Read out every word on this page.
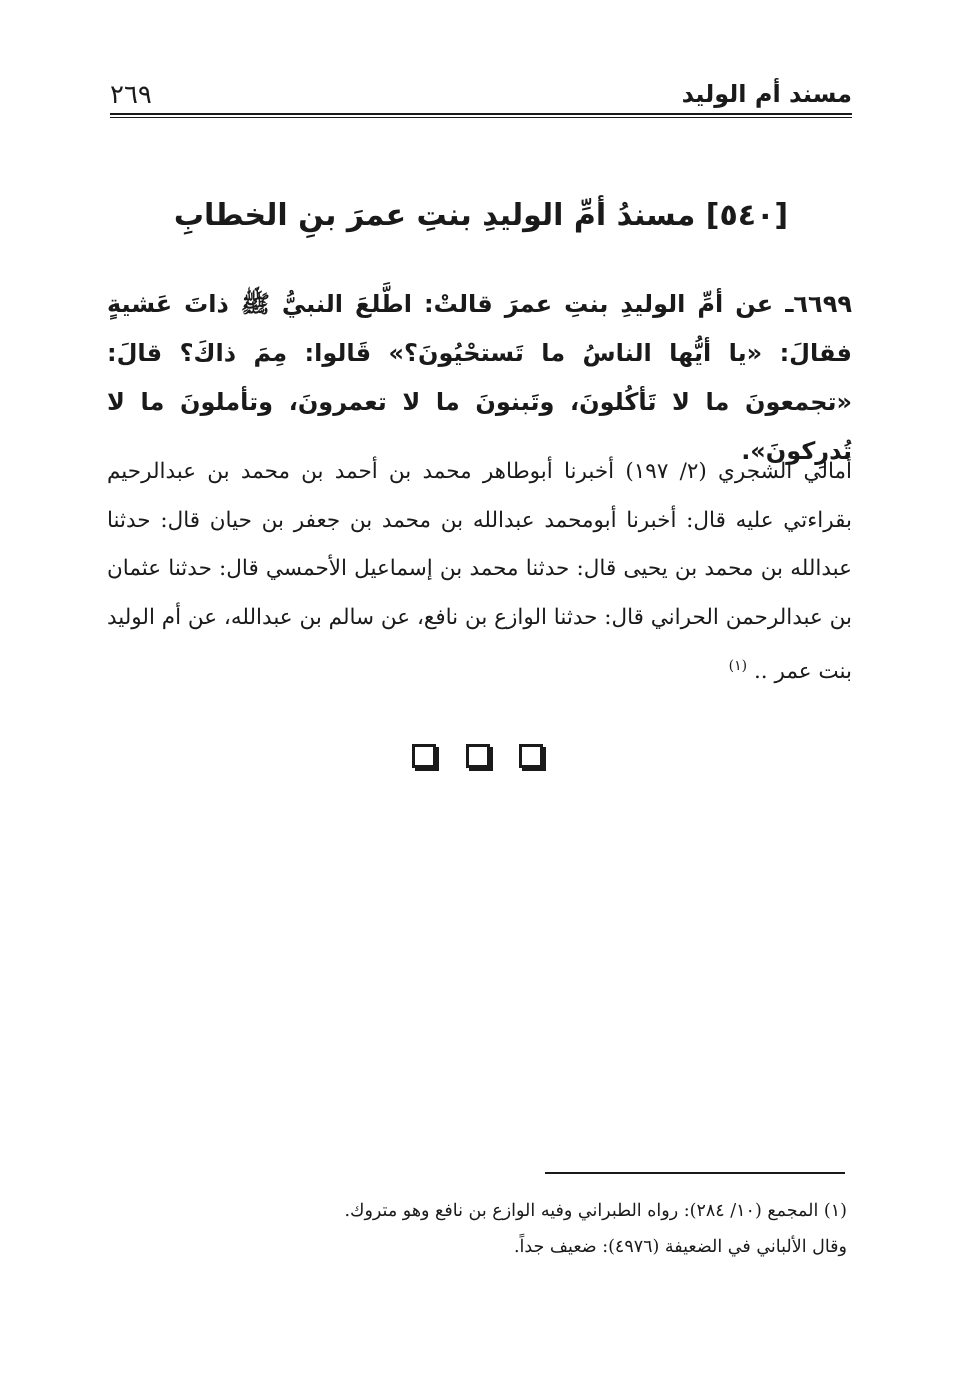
مسند أم الوليد
٢٦٩
[٥٤٠] مسندُ أمِّ الوليدِ بنتِ عمرَ بنِ الخطابِ
٦٦٩٩ـ عن أمِّ الوليدِ بنتِ عمرَ قالتْ: اطَّلعَ النبيُّ ﷺ ذاتَ عَشيةٍ فقالَ: «يا أيُّها الناسُ ما تَستحْيُونَ؟» قَالوا: مِمَ ذاكَ؟ قالَ: «تجمعونَ ما لا تَأكُلونَ، وتَبنونَ ما لا تعمرونَ، وتأملونَ ما لا تُدرِكونَ».
أمالي الشجري (٢/ ١٩٧) أخبرنا أبوطاهر محمد بن أحمد بن محمد بن عبدالرحيم بقراءتي عليه قال: أخبرنا أبومحمد عبدالله بن محمد بن جعفر بن حيان قال: حدثنا عبدالله بن محمد بن يحيى قال: حدثنا محمد بن إسماعيل الأحمسي قال: حدثنا عثمان بن عبدالرحمن الحراني قال: حدثنا الوازع بن نافع، عن سالم بن عبدالله، عن أم الوليد بنت عمر .. $^{(١)}$

(١) المجمع (١٠/ ٢٨٤): رواه الطبراني وفيه الوازع بن نافع وهو متروك.
وقال الألباني في الضعيفة (٤٩٧٦): ضعيف جداً.
